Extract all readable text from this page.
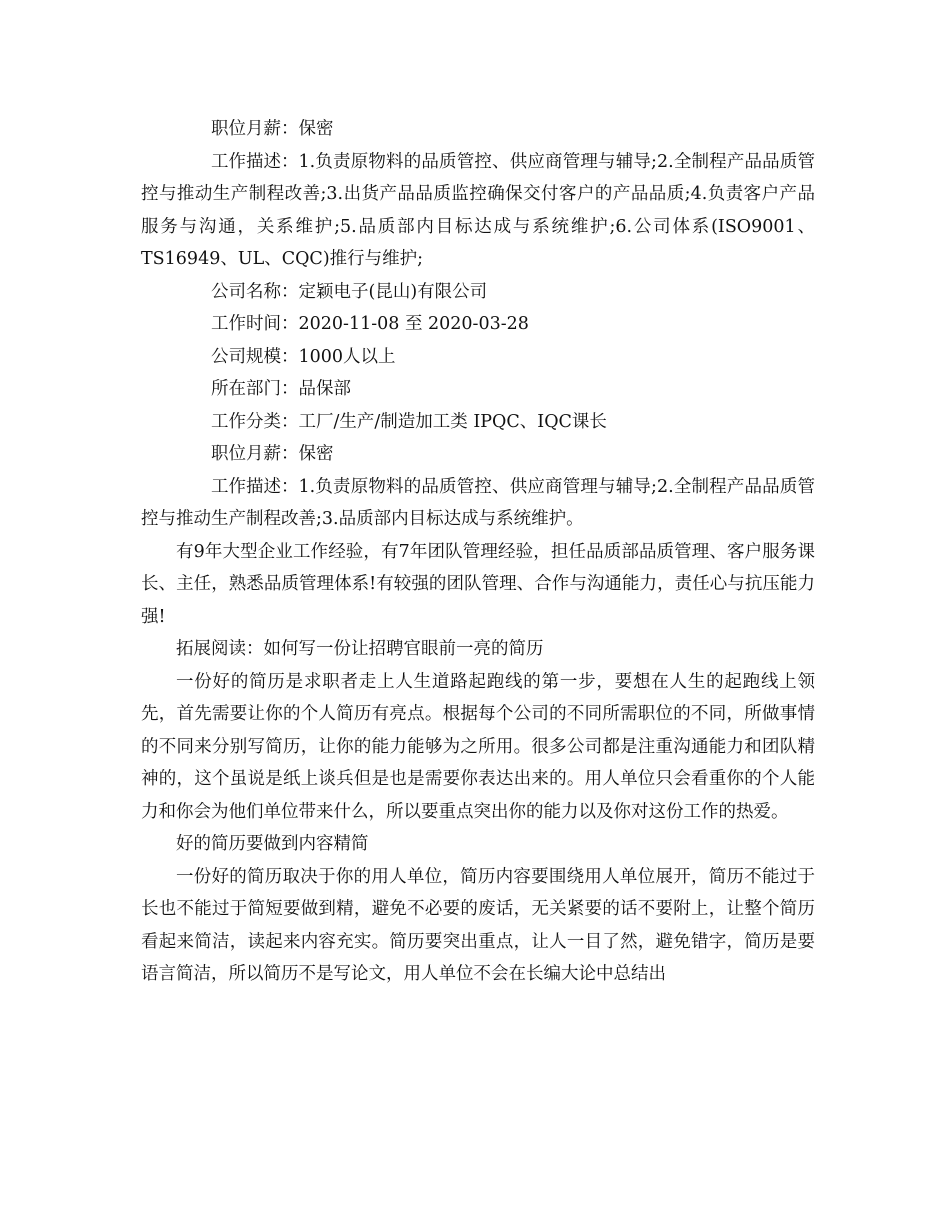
职位月薪：保密

工作描述：1.负责原物料的品质管控、供应商管理与辅导;2.全制程产品品质管控与推动生产制程改善;3.出货产品品质监控确保交付客户的产品品质;4.负责客户产品服务与沟通，关系维护;5.品质部内目标达成与系统维护;6.公司体系(ISO9001、TS16949、UL、CQC)推行与维护;

公司名称：定颖电子(昆山)有限公司

工作时间：2020-11-08 至 2020-03-28

公司规模：1000人以上

所在部门：品保部

工作分类：工厂/生产/制造加工类 IPQC、IQC课长

职位月薪：保密

工作描述：1.负责原物料的品质管控、供应商管理与辅导;2.全制程产品品质管控与推动生产制程改善;3.品质部内目标达成与系统维护。

有9年大型企业工作经验，有7年团队管理经验，担任品质部品质管理、客户服务课长、主任，熟悉品质管理体系!有较强的团队管理、合作与沟通能力，责任心与抗压能力强!

拓展阅读：如何写一份让招聘官眼前一亮的简历

一份好的简历是求职者走上人生道路起跑线的第一步，要想在人生的起跑线上领先，首先需要让你的个人简历有亮点。根据每个公司的不同所需职位的不同，所做事情的不同来分别写简历，让你的能力能够为之所用。很多公司都是注重沟通能力和团队精神的，这个虽说是纸上谈兵但是也是需要你表达出来的。用人单位只会看重你的个人能力和你会为他们单位带来什么，所以要重点突出你的能力以及你对这份工作的热爱。

好的简历要做到内容精简

一份好的简历取决于你的用人单位，简历内容要围绕用人单位展开，简历不能过于长也不能过于简短要做到精，避免不必要的废话，无关紧要的话不要附上，让整个简历看起来简洁，读起来内容充实。简历要突出重点，让人一目了然，避免错字，简历是要语言简洁，所以简历不是写论文，用人单位不会在长编大论中总结出
